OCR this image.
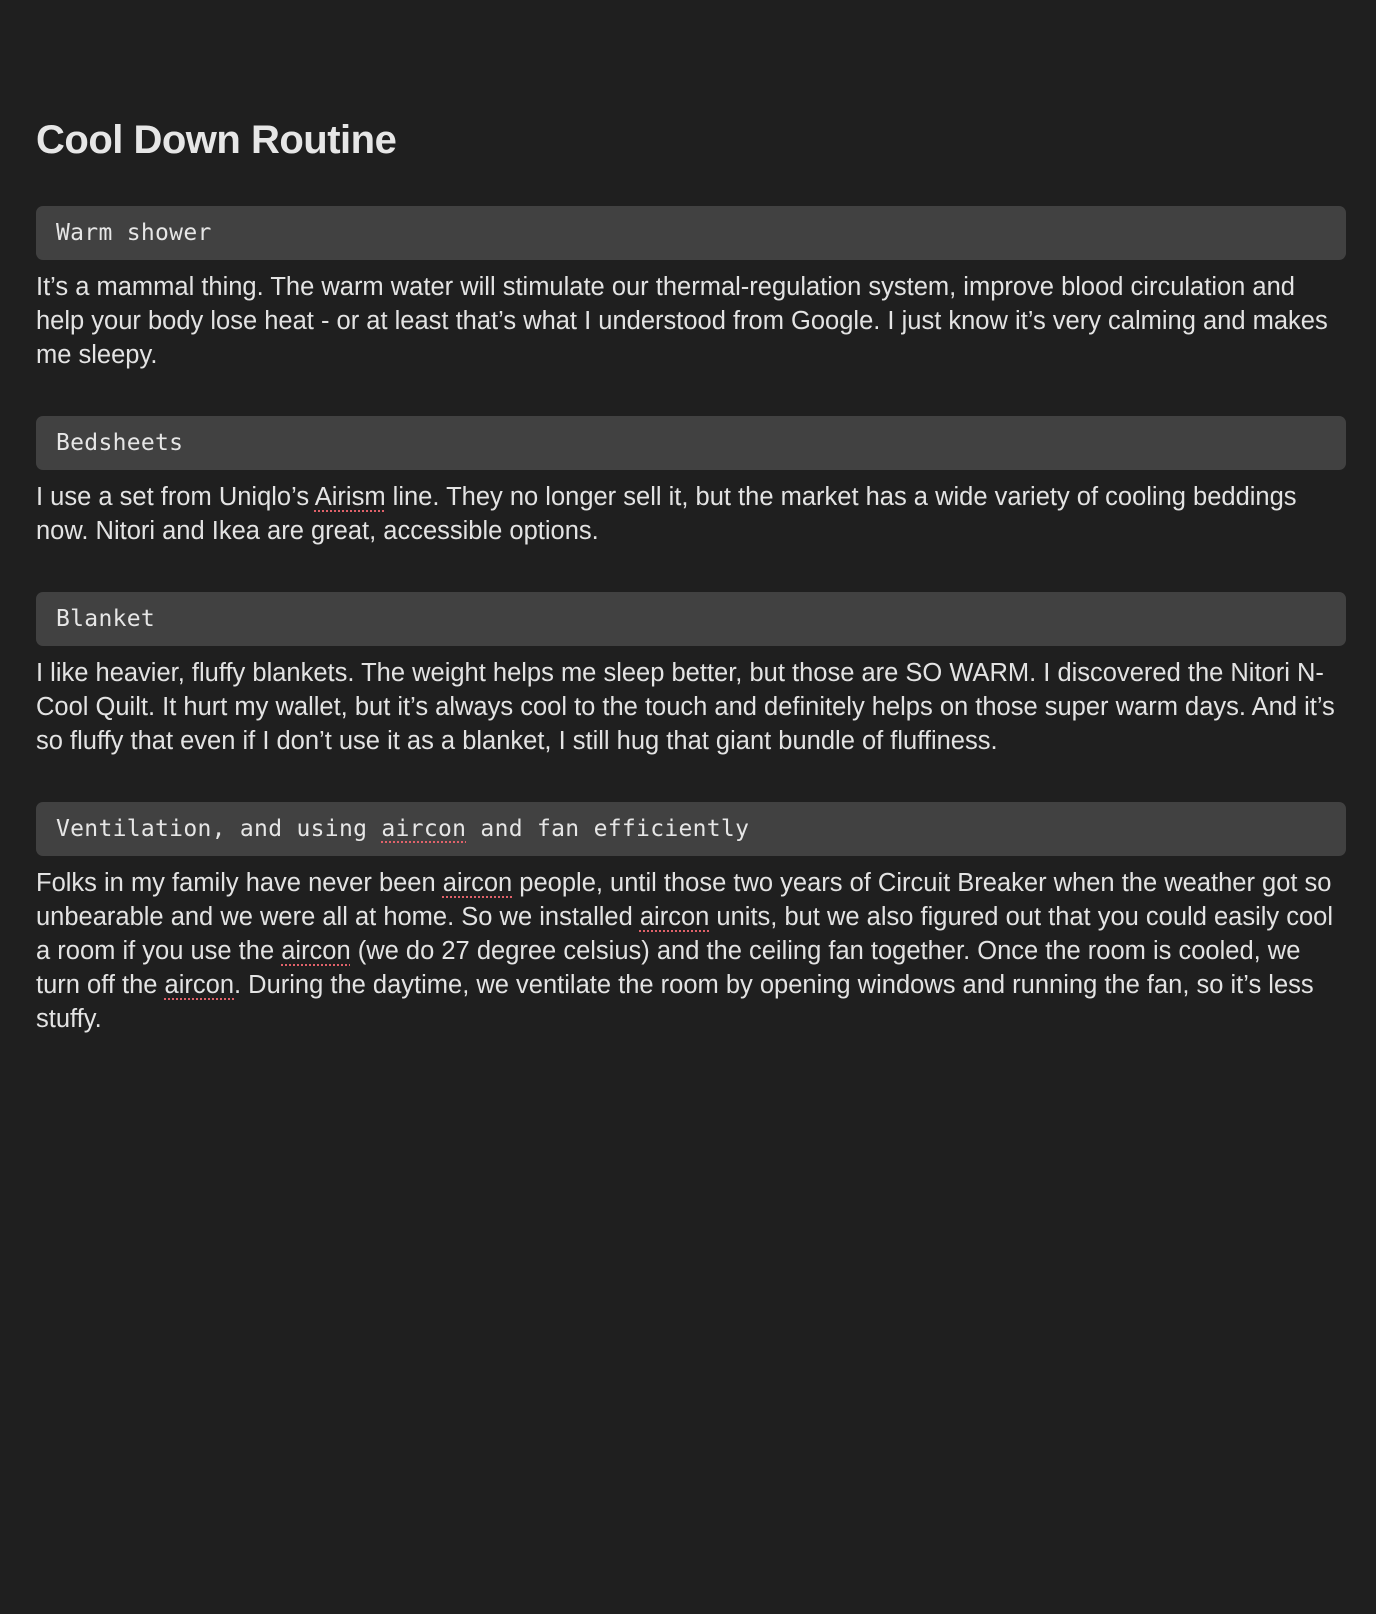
Cool Down Routine
Warm shower

It’s a mammal thing. The warm water will stimulate our thermal-regulation system, improve blood circulation and help your body lose heat - or at least that’s what I understood from Google. I just know it’s very calming and makes me sleepy.

Bedsheets

I use a set from Uniqlo’s Airism line. They no longer sell it, but the market has a wide variety of cooling beddings now. Nitori and Ikea are great, accessible options.

Blanket

I like heavier, fluffy blankets. The weight helps me sleep better, but those are SO WARM. I discovered the Nitori N-Cool Quilt. It hurt my wallet, but it’s always cool to the touch and definitely helps on those super warm days. And it’s so fluffy that even if I don’t use it as a blanket, I still hug that giant bundle of fluffiness.

Ventilation, and using aircon and fan efficiently

Folks in my family have never been aircon people, until those two years of Circuit Breaker when the weather got so unbearable and we were all at home. So we installed aircon units, but we also figured out that you could easily cool a room if you use the aircon (we do 27 degree celsius) and the ceiling fan together. Once the room is cooled, we turn off the aircon. During the daytime, we ventilate the room by opening windows and running the fan, so it’s less stuffy.
